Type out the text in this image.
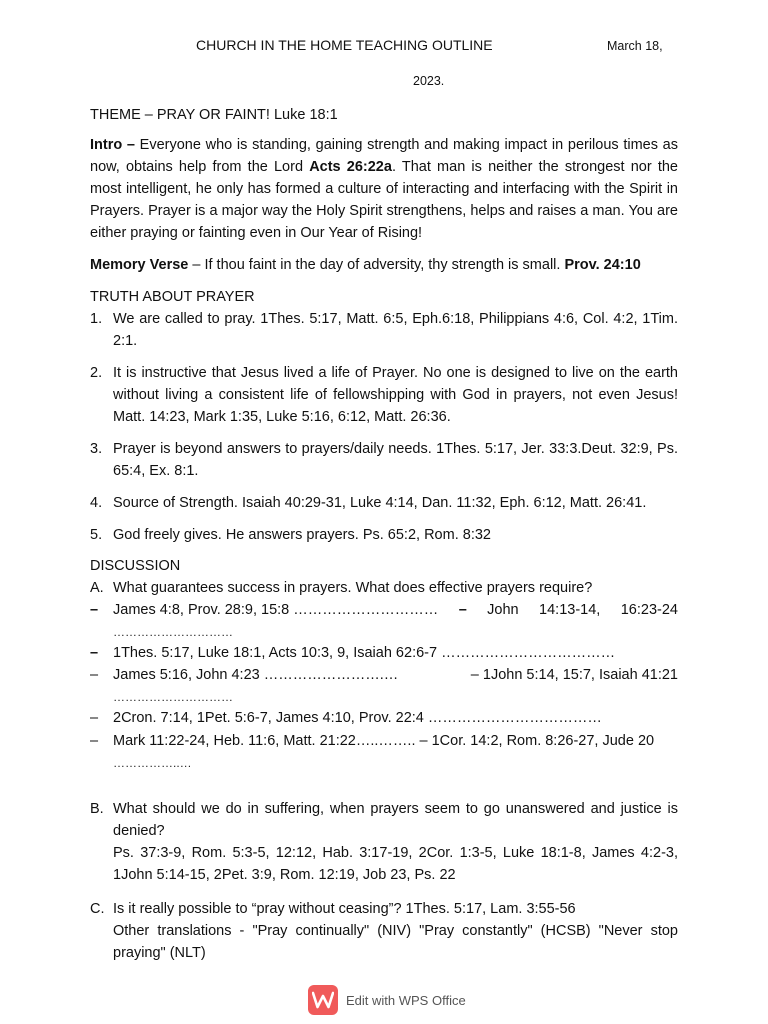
CHURCH IN THE HOME TEACHING OUTLINE	March 18,
2023.
THEME – PRAY OR FAINT! Luke 18:1
Intro – Everyone who is standing, gaining strength and making impact in perilous times as now, obtains help from the Lord Acts 26:22a. That man is neither the strongest nor the most intelligent, he only has formed a culture of interacting and interfacing with the Spirit in Prayers. Prayer is a major way the Holy Spirit strengthens, helps and raises a man. You are either praying or fainting even in Our Year of Rising!
Memory Verse – If thou faint in the day of adversity, thy strength is small. Prov. 24:10
TRUTH ABOUT PRAYER
1. We are called to pray. 1Thes. 5:17, Matt. 6:5, Eph.6:18, Philippians 4:6, Col. 4:2, 1Tim. 2:1.
2. It is instructive that Jesus lived a life of Prayer. No one is designed to live on the earth without living a consistent life of fellowshipping with God in prayers, not even Jesus! Matt. 14:23, Mark 1:35, Luke 5:16, 6:12, Matt. 26:36.
3. Prayer is beyond answers to prayers/daily needs. 1Thes. 5:17, Jer. 33:3.Deut. 32:9, Ps. 65:4, Ex. 8:1.
4. Source of Strength. Isaiah 40:29-31, Luke 4:14, Dan. 11:32, Eph. 6:12, Matt. 26:41.
5. God freely gives. He answers prayers. Ps. 65:2, Rom. 8:32
DISCUSSION
A. What guarantees success in prayers. What does effective prayers require?
–	James 4:8, Prov. 28:9, 15:8 ………………………… – John 14:13-14, 16:23-24
…………………………
–	1Thes. 5:17, Luke 18:1, Acts 10:3, 9, Isaiah 62:6-7 ………………………………
–	James 5:16, John 4:23 …………………….…	– 1John 5:14, 15:7, Isaiah 41:21
…………………………
–	2Cron. 7:14, 1Pet. 5:6-7, James 4:10, Prov. 22:4 ………………………………
–	Mark 11:22-24, Heb. 11:6, Matt. 21:22…..…….. – 1Cor. 14:2, Rom. 8:26-27, Jude 20
……………..…
B. What should we do in suffering, when prayers seem to go unanswered and justice is denied?
Ps. 37:3-9, Rom. 5:3-5, 12:12, Hab. 3:17-19, 2Cor. 1:3-5, Luke 18:1-8, James 4:2-3, 1John 5:14-15, 2Pet. 3:9, Rom. 12:19, Job 23, Ps. 22
C. Is it really possible to “pray without ceasing”? 1Thes. 5:17, Lam. 3:55-56
Other translations - "Pray continually" (NIV) "Pray constantly" (HCSB) "Never stop praying" (NLT)
Edit with WPS Office
